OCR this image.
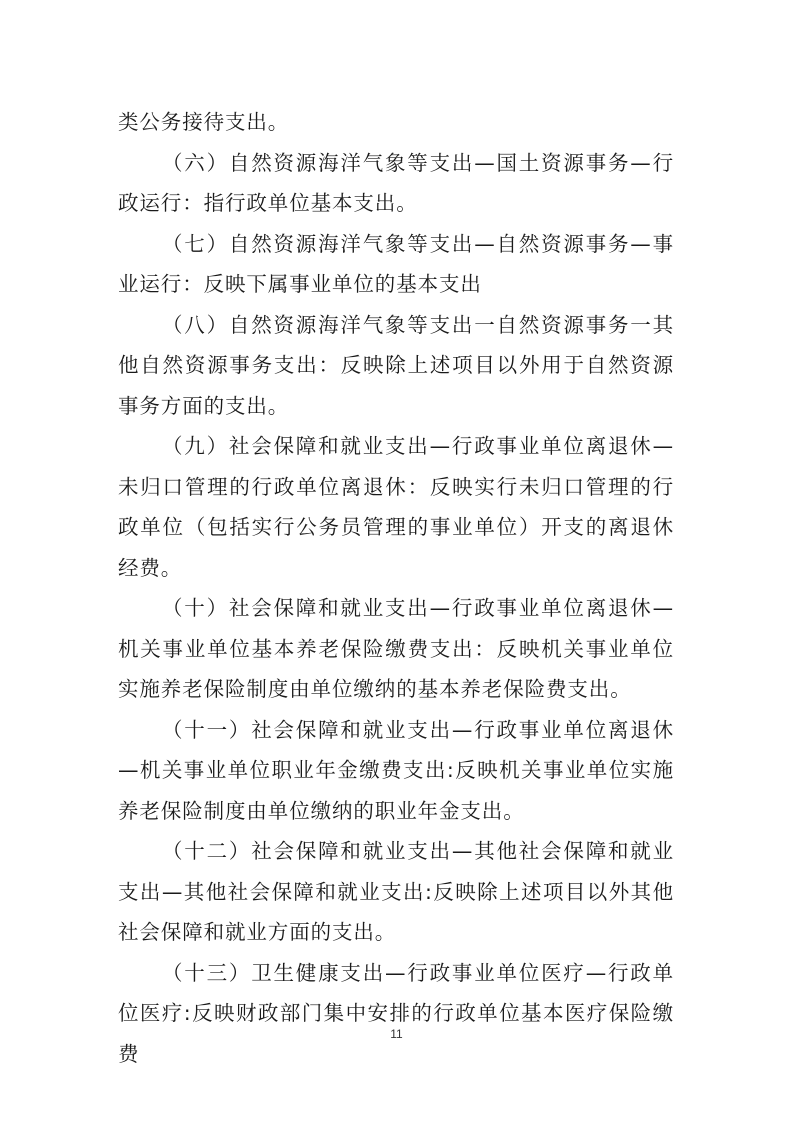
类公务接待支出。

（六）自然资源海洋气象等支出—国土资源事务—行政运行：指行政单位基本支出。

（七）自然资源海洋气象等支出—自然资源事务—事业运行：反映下属事业单位的基本支出

（八）自然资源海洋气象等支出一自然资源事务一其他自然资源事务支出：反映除上述项目以外用于自然资源事务方面的支出。

（九）社会保障和就业支出—行政事业单位离退休—未归口管理的行政单位离退休：反映实行未归口管理的行政单位（包括实行公务员管理的事业单位）开支的离退休经费。

（十）社会保障和就业支出—行政事业单位离退休—机关事业单位基本养老保险缴费支出：反映机关事业单位实施养老保险制度由单位缴纳的基本养老保险费支出。

（十一）社会保障和就业支出—行政事业单位离退休—机关事业单位职业年金缴费支出:反映机关事业单位实施养老保险制度由单位缴纳的职业年金支出。

（十二）社会保障和就业支出—其他社会保障和就业支出—其他社会保障和就业支出:反映除上述项目以外其他社会保障和就业方面的支出。

（十三）卫生健康支出—行政事业单位医疗—行政单位医疗:反映财政部门集中安排的行政单位基本医疗保险缴费

11
